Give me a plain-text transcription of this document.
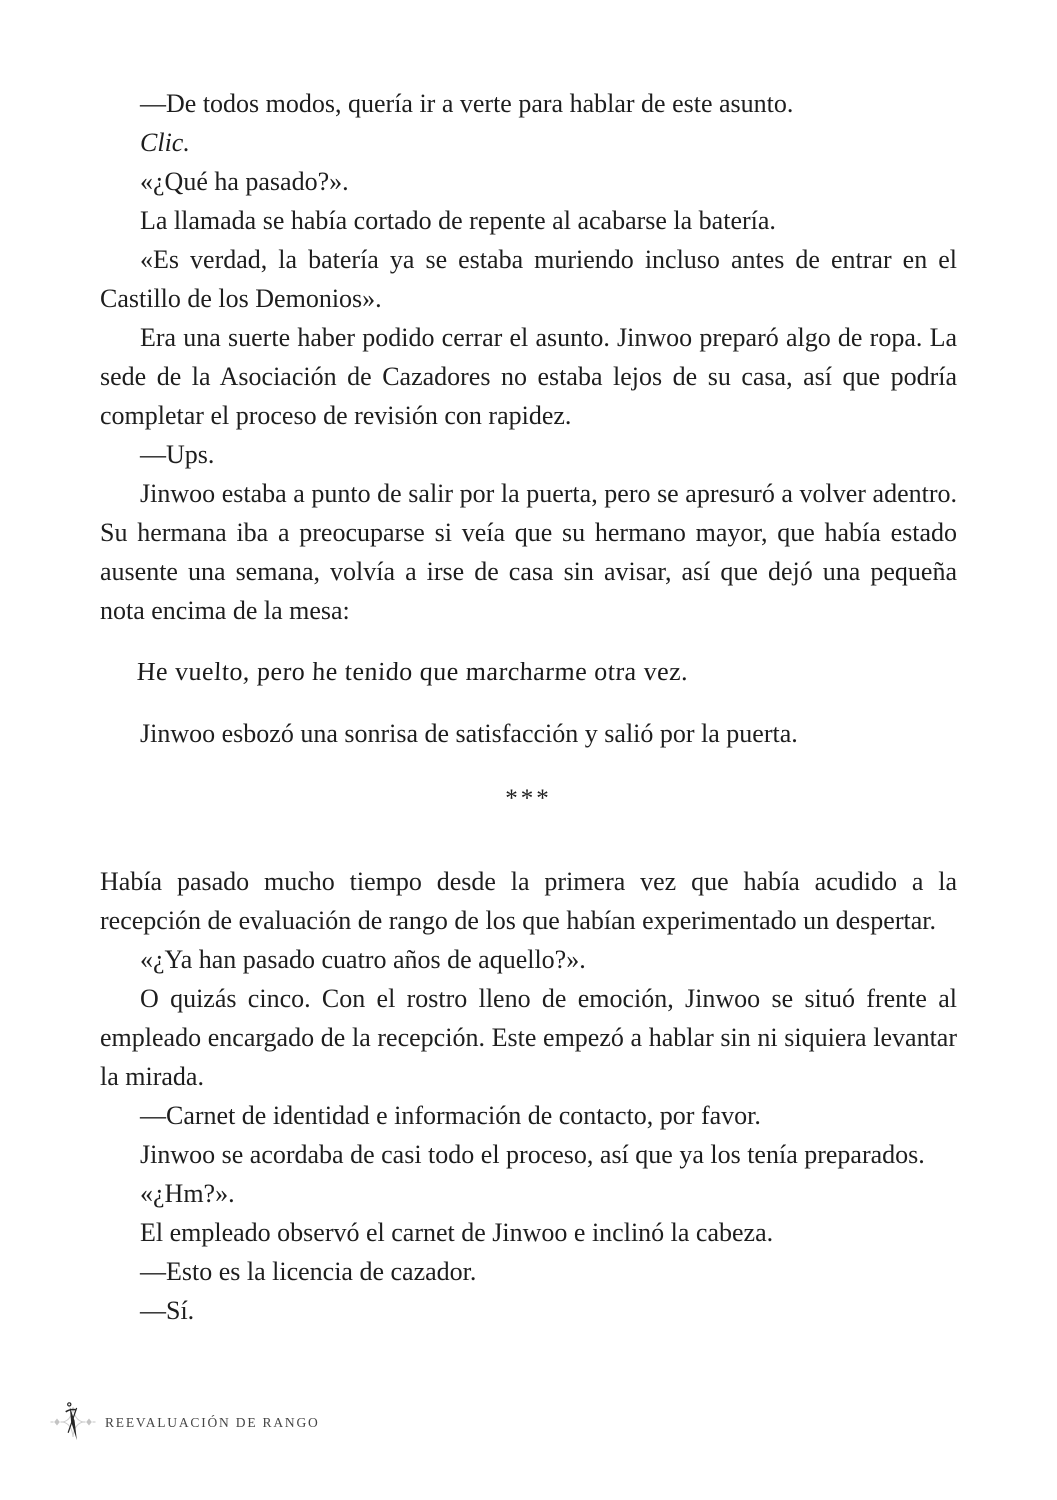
—De todos modos, quería ir a verte para hablar de este asunto.

Clic.

«¿Qué ha pasado?».

La llamada se había cortado de repente al acabarse la batería.

«Es verdad, la batería ya se estaba muriendo incluso antes de entrar en el Castillo de los Demonios».

Era una suerte haber podido cerrar el asunto. Jinwoo preparó algo de ropa. La sede de la Asociación de Cazadores no estaba lejos de su casa, así que podría completar el proceso de revisión con rapidez.

—Ups.

Jinwoo estaba a punto de salir por la puerta, pero se apresuró a volver adentro. Su hermana iba a preocuparse si veía que su hermano mayor, que había estado ausente una semana, volvía a irse de casa sin avisar, así que dejó una pequeña nota encima de la mesa:

He vuelto, pero he tenido que marcharme otra vez.

Jinwoo esbozó una sonrisa de satisfacción y salió por la puerta.

***

Había pasado mucho tiempo desde la primera vez que había acudido a la recepción de evaluación de rango de los que habían experimentado un despertar.

«¿Ya han pasado cuatro años de aquello?».

O quizás cinco. Con el rostro lleno de emoción, Jinwoo se situó frente al empleado encargado de la recepción. Este empezó a hablar sin ni siquiera levantar la mirada.

—Carnet de identidad e información de contacto, por favor.

Jinwoo se acordaba de casi todo el proceso, así que ya los tenía preparados.

«¿Hm?».

El empleado observó el carnet de Jinwoo e inclinó la cabeza.

—Esto es la licencia de cazador.

—Sí.

REEVALUACIÓN DE RANGO
